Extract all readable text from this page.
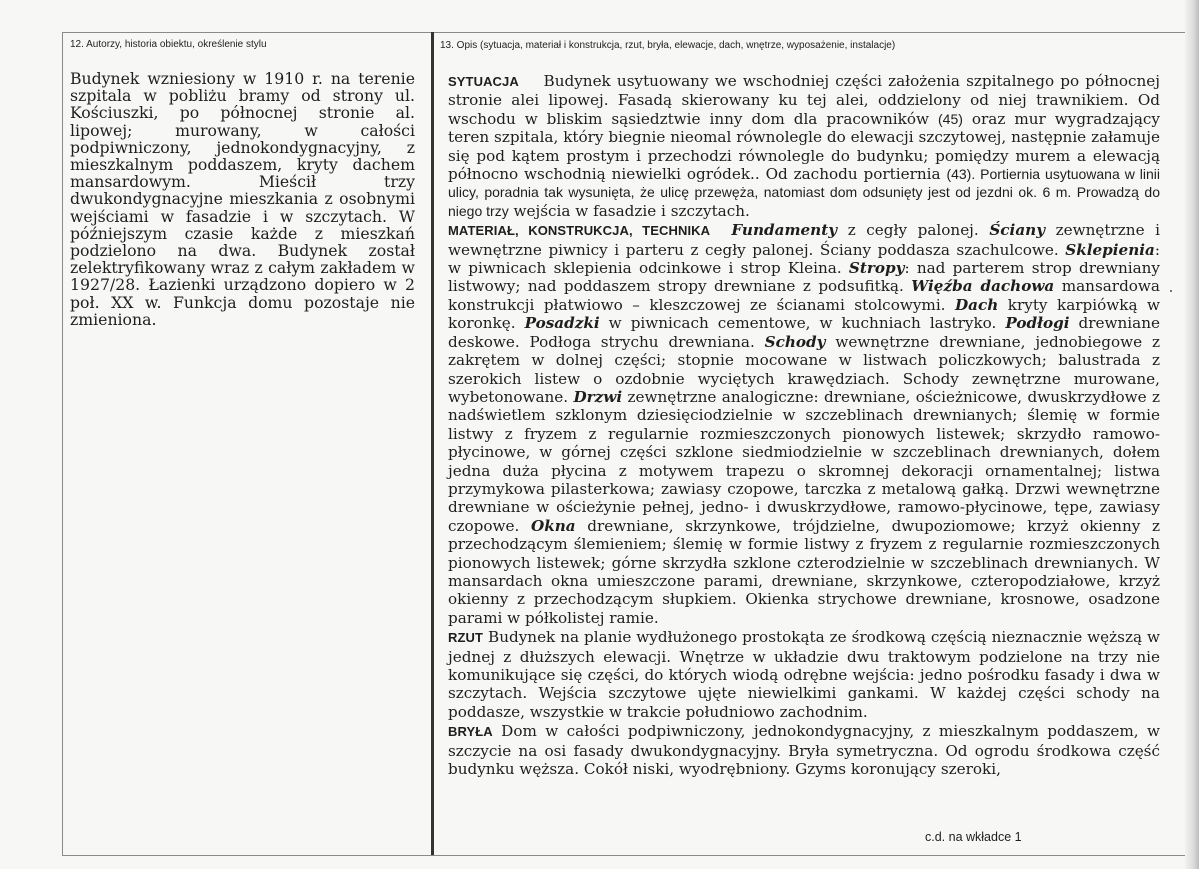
12. Autorzy, historia obiektu, określenie stylu	13. Opis (sytuacja, materiał i konstrukcja, rzut, bryła, elewacje, dach, wnętrze, wyposażenie, instalacje)
Budynek wzniesiony w 1910 r. na terenie szpitala w pobliżu bramy od strony ul. Kościuszki, po północnej stronie al. lipowej; murowany, w całości podpiwniczony, jednokondygnacyjny, z mieszkalnym poddaszem, kryty dachem mansardowym. Mieścił trzy dwukondygnacyjne mieszkania z osobnymi wejściami w fasadzie i w szczytach. W późniejszym czasie każde z mieszkań podzielono na dwa. Budynek został zelektryfikowany wraz z całym zakładem w 1927/28. Łazienki urządzono dopiero w 2 poł. XX w. Funkcja domu pozostaje nie zmieniona.

SYTUACJA Budynek usytuowany we wschodniej części założenia szpitalnego po północnej stronie alei lipowej. Fasadą skierowany ku tej alei, oddzielony od niej trawnikiem. Od wschodu w bliskim sąsiedztwie inny dom dla pracowników (45) oraz mur wygradzający teren szpitala, który biegnie nieomal równolegle do elewacji szczytowej, następnie załamuje się pod kątem prostym i przechodzi równolegle do budynku; pomiędzy murem a elewacją północno wschodnią niewielki ogródek.. Od zachodu portiernia (43). Portiernia usytuowana w linii ulicy, poradnia tak wysunięta, że ulicę przewęża, natomiast dom odsunięty jest od jezdni ok. 6 m. Prowadzą do niego trzy wejścia w fasadzie i szczytach.

MATERIAŁ, KONSTRUKCJA, TECHNIKA Fundamenty z cegły palonej. Ściany zewnętrzne i wewnętrzne piwnicy i parteru z cegły palonej. Ściany poddasza szachulcowe. Sklepienia: w piwnicach sklepienia odcinkowe i strop Kleina. Stropy: nad parterem strop drewniany listwowy; nad poddaszem stropy drewniane z podsufitką. Więźba dachowa mansardowa konstrukcji płatwiowo – kleszczowej ze ścianami stolcowymi. Dach kryty karpiówką w koronkę. Posadzki w piwnicach cementowe, w kuchniach lastryko. Podłogi drewniane deskowe. Podłoga strychu drewniana. Schody wewnętrzne drewniane, jednobiegowe z zakrętem w dolnej części; stopnie mocowane w listwach policzkowych; balustrada z szerokich listew o ozdobnie wyciętych krawędziach. Schody zewnętrzne murowane, wybetonowane. Drzwi zewnętrzne analogiczne: drewniane, ościeżnicowe, dwuskrzydłowe z nadświetlem szklonym dziesięciodzielnie w szczeblinach drewnianych; ślemię w formie listwy z fryzem z regularnie rozmieszczonych pionowych listewek; skrzydło ramowo-płycinowe, w górnej części szklone siedmiodzielnie w szczeblinach drewnianych, dołem jedna duża płycina z motywem trapezu o skromnej dekoracji ornamentalnej; listwa przymykowa pilasterkowa; zawiasy czopowe, tarczka z metalową gałką. Drzwi wewnętrzne drewniane w ościeżynie pełnej, jedno- i dwuskrzydłowe, ramowo-płycinowe, tępe, zawiasy czopowe. Okna drewniane, skrzynkowe, trójdzielne, dwupoziomowe; krzyż okienny z przechodzącym ślemieniem; ślemię w formie listwy z fryzem z regularnie rozmieszczonych pionowych listewek; górne skrzydła szklone czterodzielnie w szczeblinach drewnianych. W mansardach okna umieszczone parami, drewniane, skrzynkowe, czteropodziałowe, krzyż okienny z przechodzącym słupkiem. Okienka strychowe drewniane, krosnowe, osadzone parami w półkolistej ramie.

RZUT Budynek na planie wydłużonego prostokąta ze środkową częścią nieznacznie węższą w jednej z dłuższych elewacji. Wnętrze w układzie dwu traktowym podzielone na trzy nie komunikujące się części, do których wiodą odrębne wejścia: jedno pośrodku fasady i dwa w szczytach. Wejścia szczytowe ujęte niewielkimi gankami. W każdej części schody na poddasze, wszystkie w trakcie południowo zachodnim.

BRYŁA Dom w całości podpiwniczony, jednokondygnacyjny, z mieszkalnym poddaszem, w szczycie na osi fasady dwukondygnacyjny. Bryła symetryczna. Od ogrodu środkowa część budynku węższa. Cokół niski, wyodrębniony. Gzyms koronujący szeroki,

c.d. na wkładce 1
